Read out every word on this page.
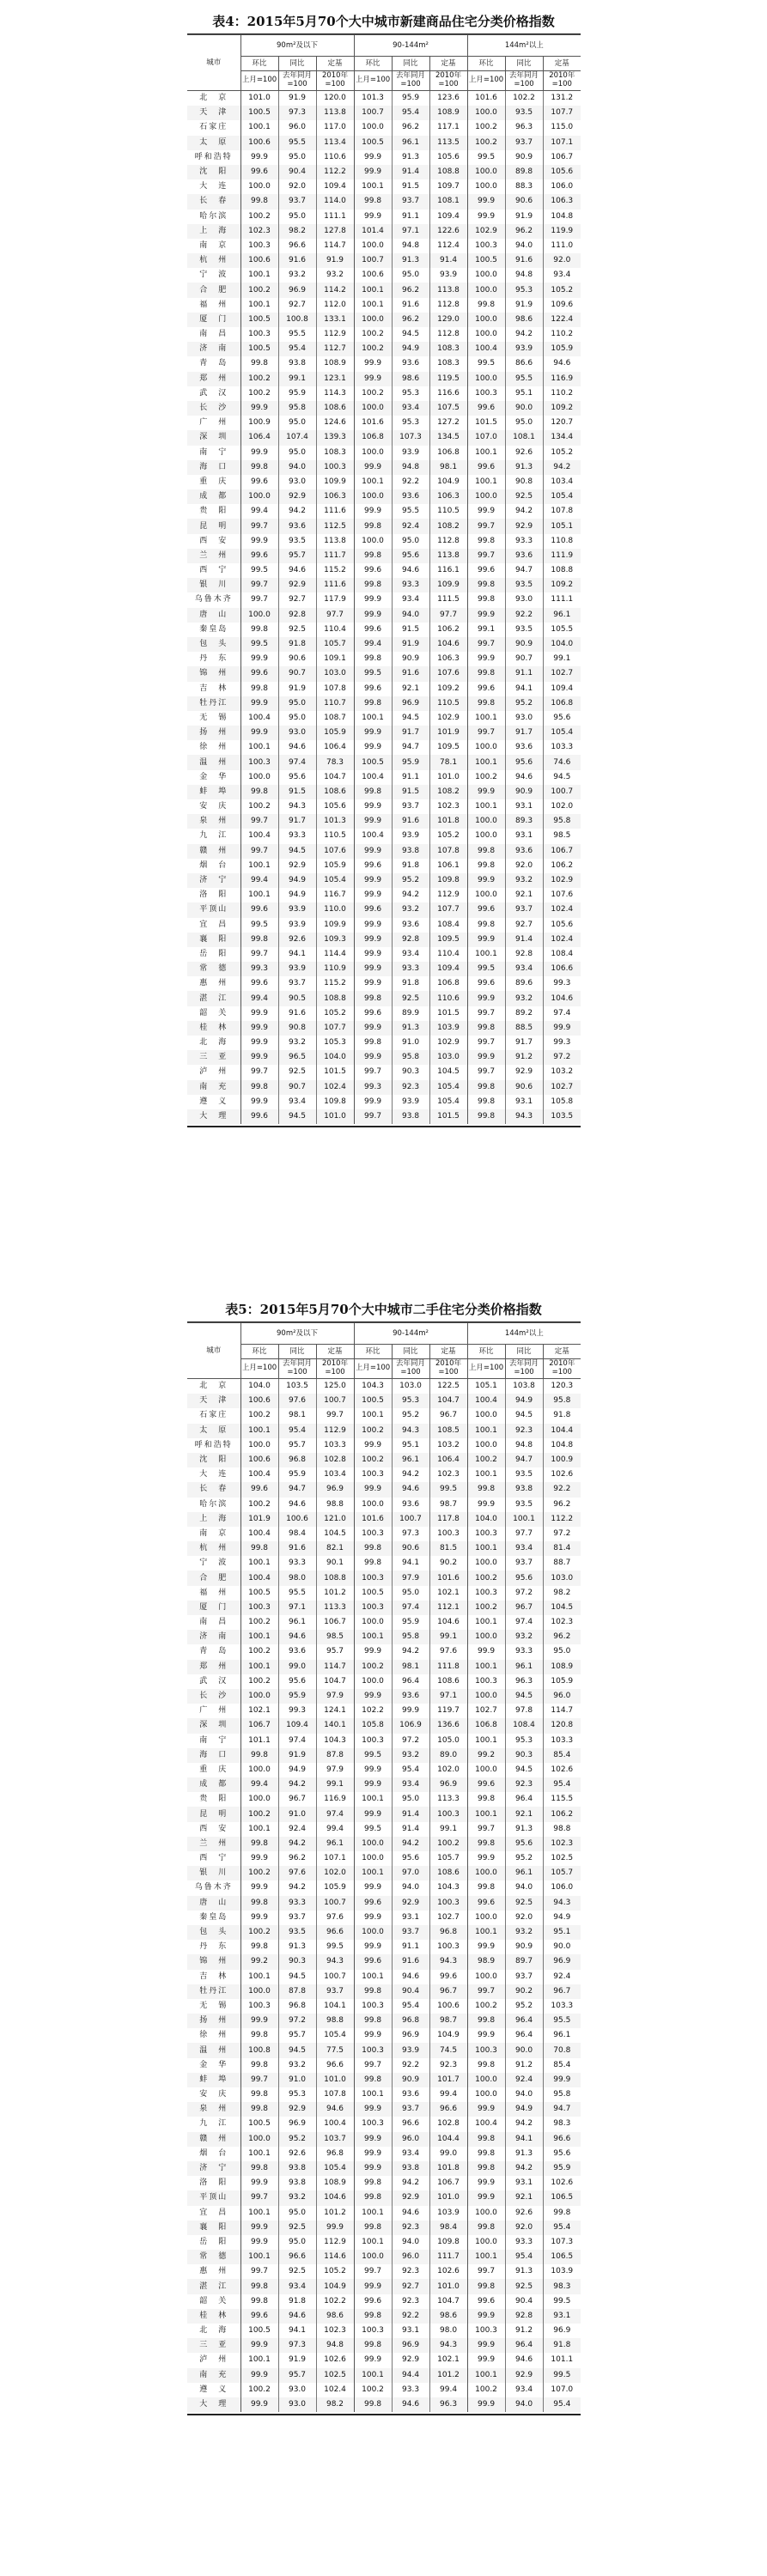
表4：2015年5月70个大中城市新建商品住宅分类价格指数
城市	90m²及以下			90-144m²			144m²以上		
	环比	同比	定基	环比	同比	定基	环比	同比	定基
	上月=100	去年同月=100	2010年=100	上月=100	去年同月=100	2010年=100	上月=100	去年同月=100	2010年=100
北　京	101.0	91.9	120.0	101.3	95.9	123.6	101.6	102.2	131.2
天　津	100.5	97.3	113.8	100.7	95.4	108.9	100.0	93.5	107.7
石家庄	100.1	96.0	117.0	100.0	96.2	117.1	100.2	96.3	115.0
太　原	100.6	95.5	113.4	100.5	96.1	113.5	100.2	93.7	107.1
呼和浩特	99.9	95.0	110.6	99.9	91.3	105.6	99.5	90.9	106.7
沈　阳	99.6	90.4	112.2	99.9	91.4	108.8	100.0	89.8	105.6
大　连	100.0	92.0	109.4	100.1	91.5	109.7	100.0	88.3	106.0
长　春	99.8	93.7	114.0	99.8	93.7	108.1	99.9	90.6	106.3
哈尔滨	100.2	95.0	111.1	99.9	91.1	109.4	99.9	91.9	104.8
上　海	102.3	98.2	127.8	101.4	97.1	122.6	102.9	96.2	119.9
南　京	100.3	96.6	114.7	100.0	94.8	112.4	100.3	94.0	111.0
杭　州	100.6	91.6	91.9	100.7	91.3	91.4	100.5	91.6	92.0
宁　波	100.1	93.2	93.2	100.6	95.0	93.9	100.0	94.8	93.4
合　肥	100.2	96.9	114.2	100.1	96.2	113.8	100.0	95.3	105.2
福　州	100.1	92.7	112.0	100.1	91.6	112.8	99.8	91.9	109.6
厦　门	100.5	100.8	133.1	100.0	96.2	129.0	100.0	98.6	122.4
南　昌	100.3	95.5	112.9	100.2	94.5	112.8	100.0	94.2	110.2
济　南	100.5	95.4	112.7	100.2	94.9	108.3	100.4	93.9	105.9
青　岛	99.8	93.8	108.9	99.9	93.6	108.3	99.5	86.6	94.6
郑　州	100.2	99.1	123.1	99.9	98.6	119.5	100.0	95.5	116.9
武　汉	100.2	95.9	114.3	100.2	95.3	116.6	100.3	95.1	110.2
长　沙	99.9	95.8	108.6	100.0	93.4	107.5	99.6	90.0	109.2
广　州	100.9	95.0	124.6	101.6	95.3	127.2	101.5	95.0	120.7
深　圳	106.4	107.4	139.3	106.8	107.3	134.5	107.0	108.1	134.4
南　宁	99.9	95.0	108.3	100.0	93.9	106.8	100.1	92.6	105.2
海　口	99.8	94.0	100.3	99.9	94.8	98.1	99.6	91.3	94.2
重　庆	99.6	93.0	109.9	100.1	92.2	104.9	100.1	90.8	103.4
成　都	100.0	92.9	106.3	100.0	93.6	106.3	100.0	92.5	105.4
贵　阳	99.4	94.2	111.6	99.9	95.5	110.5	99.9	94.2	107.8
昆　明	99.7	93.6	112.5	99.8	92.4	108.2	99.7	92.9	105.1
西　安	99.9	93.5	113.8	100.0	95.0	112.8	99.8	93.3	110.8
兰　州	99.6	95.7	111.7	99.8	95.6	113.8	99.7	93.6	111.9
西　宁	99.5	94.6	115.2	99.6	94.6	116.1	99.6	94.7	108.8
银　川	99.7	92.9	111.6	99.8	93.3	109.9	99.8	93.5	109.2
乌鲁木齐	99.7	92.7	117.9	99.9	93.4	111.5	99.8	93.0	111.1
唐　山	100.0	92.8	97.7	99.9	94.0	97.7	99.9	92.2	96.1
秦皇岛	99.8	92.5	110.4	99.6	91.5	106.2	99.1	93.5	105.5
包　头	99.5	91.8	105.7	99.4	91.9	104.6	99.7	90.9	104.0
丹　东	99.9	90.6	109.1	99.8	90.9	106.3	99.9	90.7	99.1
锦　州	99.6	90.7	103.0	99.5	91.6	107.6	99.8	91.1	102.7
吉　林	99.8	91.9	107.8	99.6	92.1	109.2	99.6	94.1	109.4
牡丹江	99.9	95.0	110.7	99.8	96.9	110.5	99.8	95.2	106.8
无　锡	100.4	95.0	108.7	100.1	94.5	102.9	100.1	93.0	95.6
扬　州	99.9	93.0	105.9	99.9	91.7	101.9	99.7	91.7	105.4
徐　州	100.1	94.6	106.4	99.9	94.7	109.5	100.0	93.6	103.3
温　州	100.3	97.4	78.3	100.5	95.9	78.1	100.1	95.6	74.6
金　华	100.0	95.6	104.7	100.4	91.1	101.0	100.2	94.6	94.5
蚌　埠	99.8	91.5	108.6	99.8	91.5	108.2	99.9	90.9	100.7
安　庆	100.2	94.3	105.6	99.9	93.7	102.3	100.1	93.1	102.0
泉　州	99.7	91.7	101.3	99.9	91.6	101.8	100.0	89.3	95.8
九　江	100.4	93.3	110.5	100.4	93.9	105.2	100.0	93.1	98.5
赣　州	99.7	94.5	107.6	99.9	93.8	107.8	99.8	93.6	106.7
烟　台	100.1	92.9	105.9	99.6	91.8	106.1	99.8	92.0	106.2
济　宁	99.4	94.9	105.4	99.9	95.2	109.8	99.9	93.2	102.9
洛　阳	100.1	94.9	116.7	99.9	94.2	112.9	100.0	92.1	107.6
平顶山	99.6	93.9	110.0	99.6	93.2	107.7	99.6	93.7	102.4
宜　昌	99.5	93.9	109.9	99.9	93.6	108.4	99.8	92.7	105.6
襄　阳	99.8	92.6	109.3	99.9	92.8	109.5	99.9	91.4	102.4
岳　阳	99.7	94.1	114.4	99.9	93.4	110.4	100.1	92.8	108.4
常　德	99.3	93.9	110.9	99.9	93.3	109.4	99.5	93.4	106.6
惠　州	99.6	93.7	115.2	99.9	91.8	106.8	99.6	89.6	99.3
湛　江	99.4	90.5	108.8	99.8	92.5	110.6	99.9	93.2	104.6
韶　关	99.9	91.6	105.2	99.6	89.9	101.5	99.7	89.2	97.4
桂　林	99.9	90.8	107.7	99.9	91.3	103.9	99.8	88.5	99.9
北　海	99.9	93.2	105.3	99.8	91.0	102.9	99.7	91.7	99.3
三　亚	99.9	96.5	104.0	99.9	95.8	103.0	99.9	91.2	97.2
泸　州	99.7	92.5	101.5	99.7	90.3	104.5	99.7	92.9	103.2
南　充	99.8	90.7	102.4	99.3	92.3	105.4	99.8	90.6	102.7
遵　义	99.9	93.4	109.8	99.9	93.9	105.4	99.8	93.1	105.8
大　理	99.6	94.5	101.0	99.7	93.8	101.5	99.8	94.3	103.5
表5：2015年5月70个大中城市二手住宅分类价格指数
城市	90m²及以下			90-144m²			144m²以上		
	环比	同比	定基	环比	同比	定基	环比	同比	定基
	上月=100	去年同月=100	2010年=100	上月=100	去年同月=100	2010年=100	上月=100	去年同月=100	2010年=100
北　京	104.0	103.5	125.0	104.3	103.0	122.5	105.1	103.8	120.3
天　津	100.6	97.6	100.7	100.5	95.3	104.7	100.4	94.9	95.8
石家庄	100.2	98.1	99.7	100.1	95.2	96.7	100.0	94.5	91.8
太　原	100.1	95.4	112.9	100.2	94.3	108.5	100.1	92.3	104.4
呼和浩特	100.0	95.7	103.3	99.9	95.1	103.2	100.0	94.8	104.8
沈　阳	100.6	96.8	102.8	100.2	96.1	106.4	100.2	94.7	100.9
大　连	100.4	95.9	103.4	100.3	94.2	102.3	100.1	93.5	102.6
长　春	99.6	94.7	96.9	99.9	94.6	99.5	99.8	93.8	92.2
哈尔滨	100.2	94.6	98.8	100.0	93.6	98.7	99.9	93.5	96.2
上　海	101.9	100.6	121.0	101.6	100.7	117.8	104.0	100.1	112.2
南　京	100.4	98.4	104.5	100.3	97.3	100.3	100.3	97.7	97.2
杭　州	99.8	91.6	82.1	99.8	90.6	81.5	100.1	93.4	81.4
宁　波	100.1	93.3	90.1	99.8	94.1	90.2	100.0	93.7	88.7
合　肥	100.4	98.0	108.8	100.3	97.9	101.6	100.2	95.6	103.0
福　州	100.5	95.5	101.2	100.5	95.0	102.1	100.3	97.2	98.2
厦　门	100.3	97.1	113.3	100.3	97.4	112.1	100.2	96.7	104.5
南　昌	100.2	96.1	106.7	100.0	95.9	104.6	100.1	97.4	102.3
济　南	100.1	94.6	98.5	100.1	95.8	99.1	100.0	93.2	96.2
青　岛	100.2	93.6	95.7	99.9	94.2	97.6	99.9	93.3	95.0
郑　州	100.1	99.0	114.7	100.2	98.1	111.8	100.1	96.1	108.9
武　汉	100.2	95.6	104.7	100.0	96.4	108.6	100.3	96.3	105.9
长　沙	100.0	95.9	97.9	99.9	93.6	97.1	100.0	94.5	96.0
广　州	102.1	99.3	124.1	102.2	99.9	119.7	102.7	97.8	114.7
深　圳	106.7	109.4	140.1	105.8	106.9	136.6	106.8	108.4	120.8
南　宁	101.1	97.4	104.3	100.3	97.2	105.0	100.1	95.3	103.3
海　口	99.8	91.9	87.8	99.5	93.2	89.0	99.2	90.3	85.4
重　庆	100.0	94.9	97.9	99.9	95.4	102.0	100.0	94.5	102.6
成　都	99.4	94.2	99.1	99.9	93.4	96.9	99.6	92.3	95.4
贵　阳	100.0	96.7	116.9	100.1	95.0	113.3	99.8	96.4	115.5
昆　明	100.2	91.0	97.4	99.9	91.4	100.3	100.1	92.1	106.2
西　安	100.1	92.4	99.4	99.5	91.4	99.1	99.7	91.3	98.8
兰　州	99.8	94.2	96.1	100.0	94.2	100.2	99.8	95.6	102.3
西　宁	99.9	96.2	107.1	100.0	95.6	105.7	99.9	95.2	102.5
银　川	100.2	97.6	102.0	100.1	97.0	108.6	100.0	96.1	105.7
乌鲁木齐	99.9	94.2	105.9	99.9	94.0	104.3	99.8	94.0	106.0
唐　山	99.8	93.3	100.7	99.6	92.9	100.3	99.6	92.5	94.3
秦皇岛	99.9	93.7	97.6	99.9	93.1	102.7	100.0	92.0	94.9
包　头	100.2	93.5	96.6	100.0	93.7	96.8	100.1	93.2	95.1
丹　东	99.8	91.3	99.5	99.9	91.1	100.3	99.9	90.9	90.0
锦　州	99.2	90.3	94.3	99.6	91.6	94.3	98.9	89.7	96.9
吉　林	100.1	94.5	100.7	100.1	94.6	99.6	100.0	93.7	92.4
牡丹江	100.0	87.8	93.7	99.8	90.4	96.7	99.7	90.2	96.7
无　锡	100.3	96.8	104.1	100.3	95.4	100.6	100.2	95.2	103.3
扬　州	99.9	97.2	98.8	99.8	96.8	98.7	99.8	96.4	95.5
徐　州	99.8	95.7	105.4	99.9	96.9	104.9	99.9	96.4	96.1
温　州	100.8	94.5	77.5	100.3	93.9	74.5	100.3	90.0	70.8
金　华	99.8	93.2	96.6	99.7	92.2	92.3	99.8	91.2	85.4
蚌　埠	99.7	91.0	101.0	99.8	90.9	101.7	100.0	92.4	99.9
安　庆	99.8	95.3	107.8	100.1	93.6	99.4	100.0	94.0	95.8
泉　州	99.8	92.9	94.6	99.9	93.7	96.6	99.9	94.9	94.7
九　江	100.5	96.9	100.4	100.3	96.6	102.8	100.4	94.2	98.3
赣　州	100.0	95.2	103.7	99.9	96.0	104.4	99.8	94.1	96.6
烟　台	100.1	92.6	96.8	99.9	93.4	99.0	99.8	91.3	95.6
济　宁	99.8	93.8	105.4	99.9	93.8	101.8	99.8	94.2	95.9
洛　阳	99.9	93.8	108.9	99.8	94.2	106.7	99.9	93.1	102.6
平顶山	99.7	93.2	104.6	99.8	92.9	101.0	99.9	92.1	106.5
宜　昌	100.1	95.0	101.2	100.1	94.6	103.9	100.0	92.6	99.8
襄　阳	99.9	92.5	99.9	99.8	92.3	98.4	99.8	92.0	95.4
岳　阳	99.9	95.0	112.9	100.1	94.0	109.8	100.0	93.3	107.3
常　德	100.1	96.6	114.6	100.0	96.0	111.7	100.1	95.4	106.5
惠　州	99.7	92.5	105.2	99.7	92.3	102.6	99.7	91.3	103.9
湛　江	99.8	93.4	104.9	99.9	92.7	101.0	99.8	92.5	98.3
韶　关	99.8	91.8	102.2	99.6	92.3	104.7	99.6	90.4	99.5
桂　林	99.6	94.6	98.6	99.8	92.2	98.6	99.9	92.8	93.1
北　海	100.5	94.1	102.3	100.3	93.1	98.0	100.3	91.2	96.9
三　亚	99.9	97.3	94.8	99.8	96.9	94.3	99.9	96.4	91.8
泸　州	100.1	91.9	102.6	99.9	92.9	102.1	99.9	94.6	101.1
南　充	99.9	95.7	102.5	100.1	94.4	101.2	100.1	92.9	99.5
遵　义	100.2	93.0	102.4	100.2	93.3	99.4	100.2	93.4	107.0
大　理	99.9	93.0	98.2	99.8	94.6	96.3	99.9	94.0	95.4
